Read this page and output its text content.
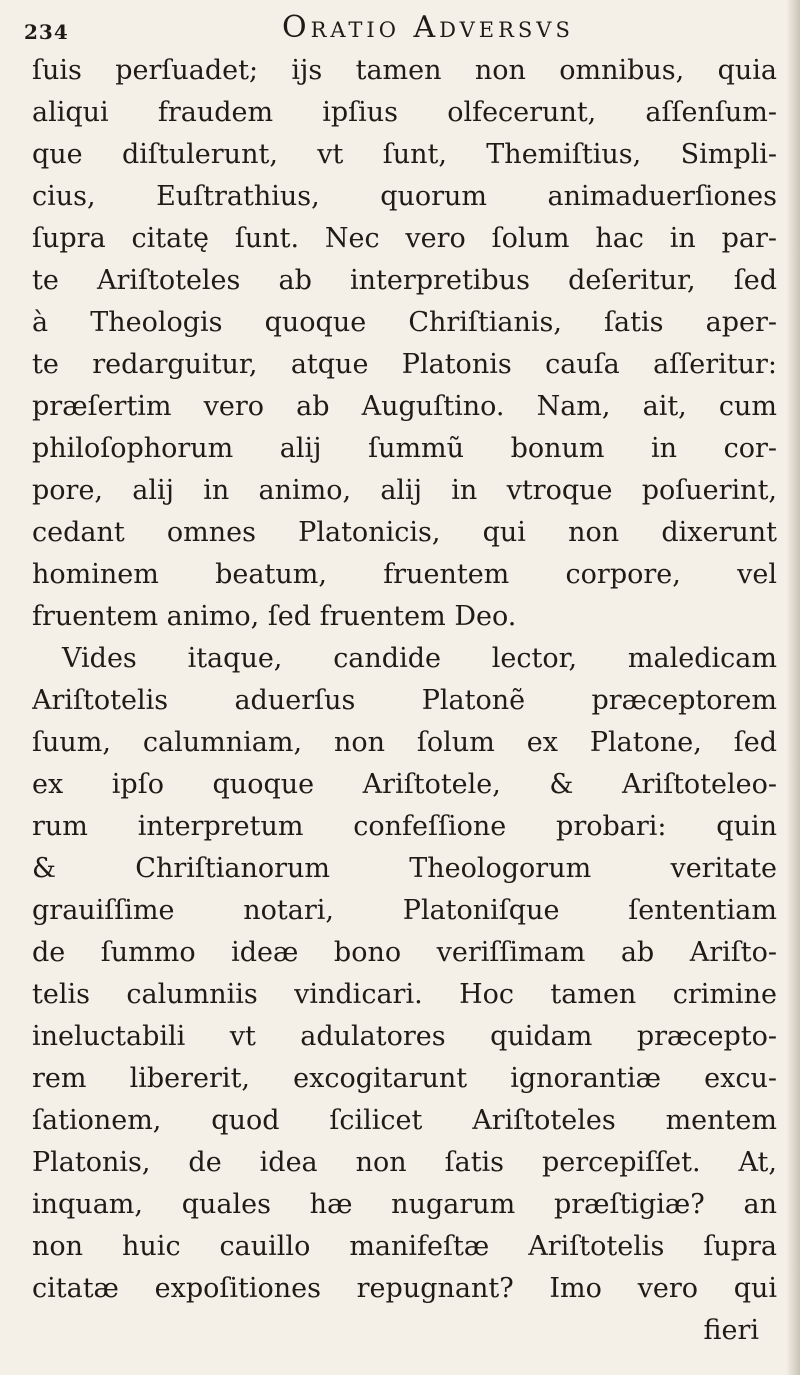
234	Oratio Adversvs
ſuis perſuadet; ijs tamen non omnibus, quia
aliqui fraudem ipſius olfecerunt, aſſenſum-
que diſtulerunt, vt ſunt, Themiſtius, Simpli-
cius, Euſtrathius, quorum animaduerſiones
ſupra citatę ſunt. Nec vero ſolum hac in par-
te Ariſtoteles ab interpretibus deſeritur, ſed
à Theologis quoque Chriſtianis, ſatis aper-
te redarguitur, atque Platonis cauſa aſſeritur:
præſertim vero ab Auguſtino. Nam, ait, cum
philoſophorum alij ſummũ bonum in cor-
pore, alij in animo, alij in vtroque poſuerint,
cedant omnes Platonicis, qui non dixerunt
hominem beatum, fruentem corpore, vel
fruentem animo, ſed fruentem Deo.
Vides itaque, candide lector, maledicam
Ariſtotelis aduerſus Platonẽ præceptorem
ſuum, calumniam, non ſolum ex Platone, ſed
ex ipſo quoque Ariſtotele, & Ariſtoteleo-
rum interpretum confeſſione probari: quin
& Chriſtianorum Theologorum veritate
grauiſſime notari, Platoniſque ſententiam
de ſummo ideæ bono veriſſimam ab Ariſto-
telis calumniis vindicari. Hoc tamen crimine
ineluctabili vt adulatores quidam præcepto-
rem libererit, excogitarunt ignorantiæ excu-
ſationem, quod ſcilicet Ariſtoteles mentem
Platonis, de idea non ſatis percepiſſet. At,
inquam, quales hæ nugarum præſtigiæ? an
non huic cauillo manifeſtæ Ariſtotelis ſupra
citatæ expoſitiones repugnant? Imo vero qui
fieri
